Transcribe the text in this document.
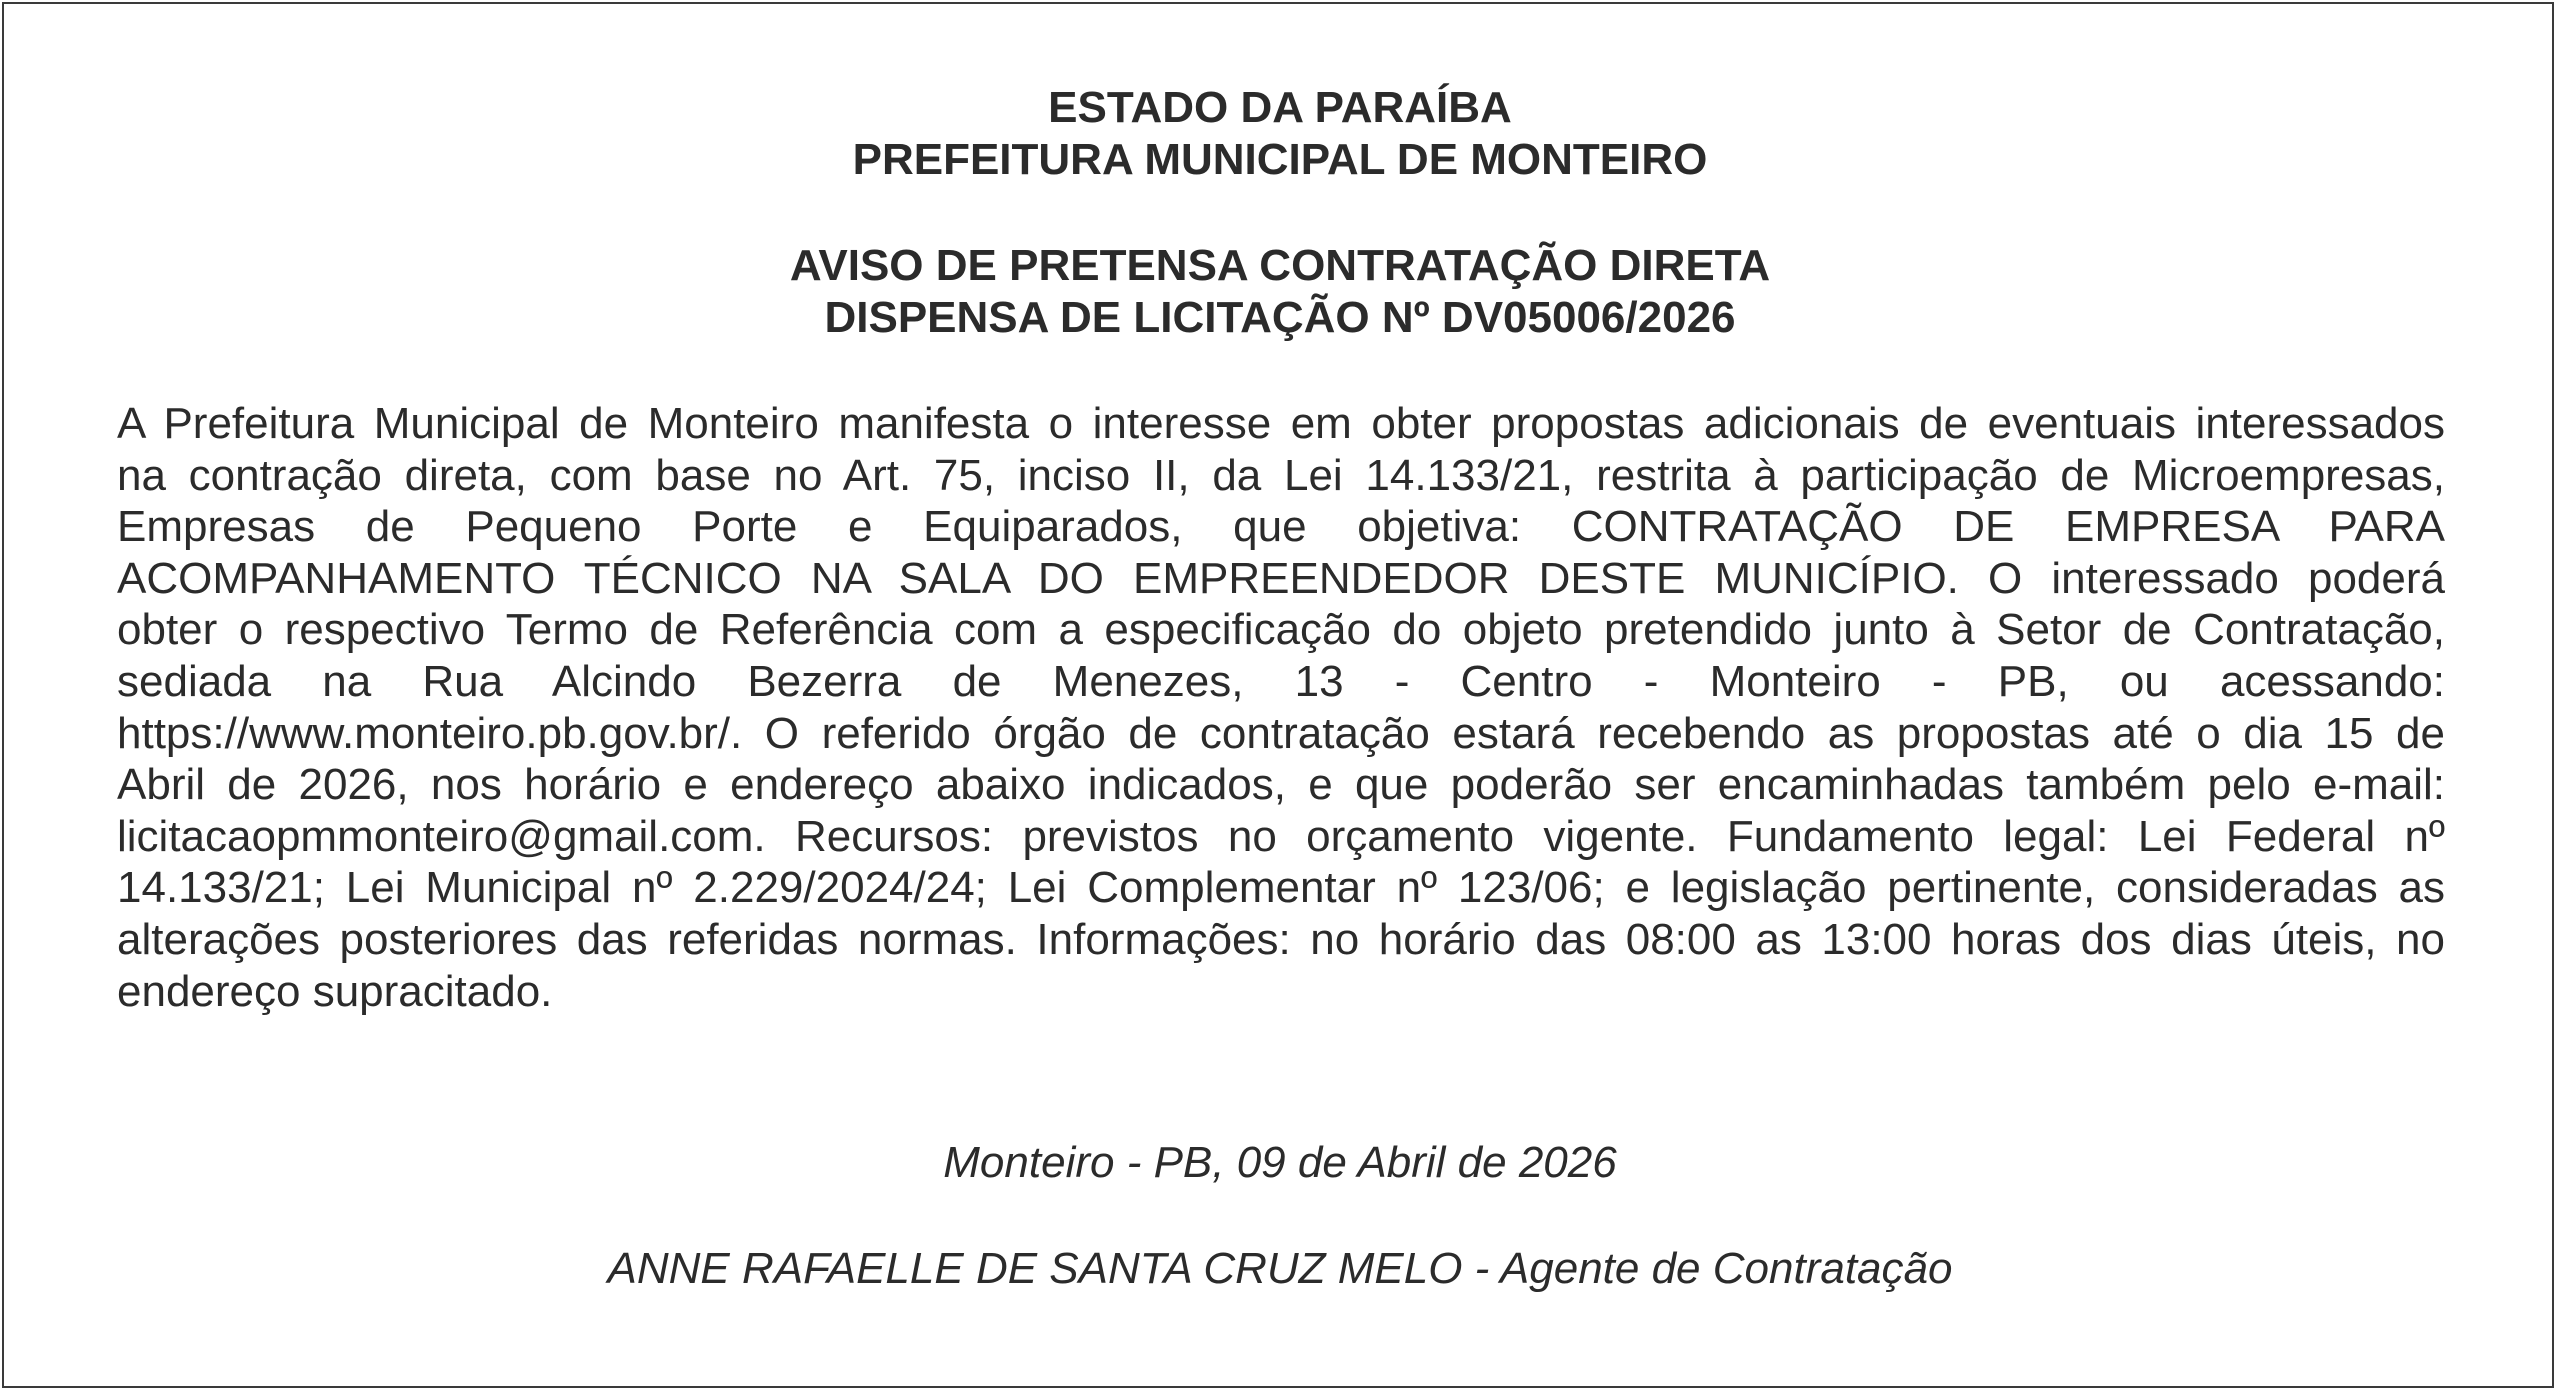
ESTADO DA PARAÍBA
PREFEITURA MUNICIPAL DE MONTEIRO
AVISO DE PRETENSA CONTRATAÇÃO DIRETA
DISPENSA DE LICITAÇÃO Nº DV05006/2026
A Prefeitura Municipal de Monteiro manifesta o interesse em obter propostas adicionais de eventuais interessados
na contração direta, com base no Art. 75, inciso II, da Lei 14.133/21, restrita à participação de Microempresas,
Empresas de Pequeno Porte e Equiparados, que objetiva: CONTRATAÇÃO DE EMPRESA PARA
ACOMPANHAMENTO TÉCNICO NA SALA DO EMPREENDEDOR DESTE MUNICÍPIO. O interessado poderá
obter o respectivo Termo de Referência com a especificação do objeto pretendido junto à Setor de Contratação,
sediada na Rua Alcindo Bezerra de Menezes, 13 - Centro - Monteiro - PB, ou acessando:
https://www.monteiro.pb.gov.br/. O referido órgão de contratação estará recebendo as propostas até o dia 15 de
Abril de 2026, nos horário e endereço abaixo indicados, e que poderão ser encaminhadas também pelo e-mail:
licitacaopmmonteiro@gmail.com. Recursos: previstos no orçamento vigente. Fundamento legal: Lei Federal nº
14.133/21; Lei Municipal nº 2.229/2024/24; Lei Complementar nº 123/06; e legislação pertinente, consideradas as
alterações posteriores das referidas normas. Informações: no horário das 08:00 as 13:00 horas dos dias úteis, no
endereço supracitado.
Monteiro - PB, 09 de Abril de 2026
ANNE RAFAELLE DE SANTA CRUZ MELO - Agente de Contratação
